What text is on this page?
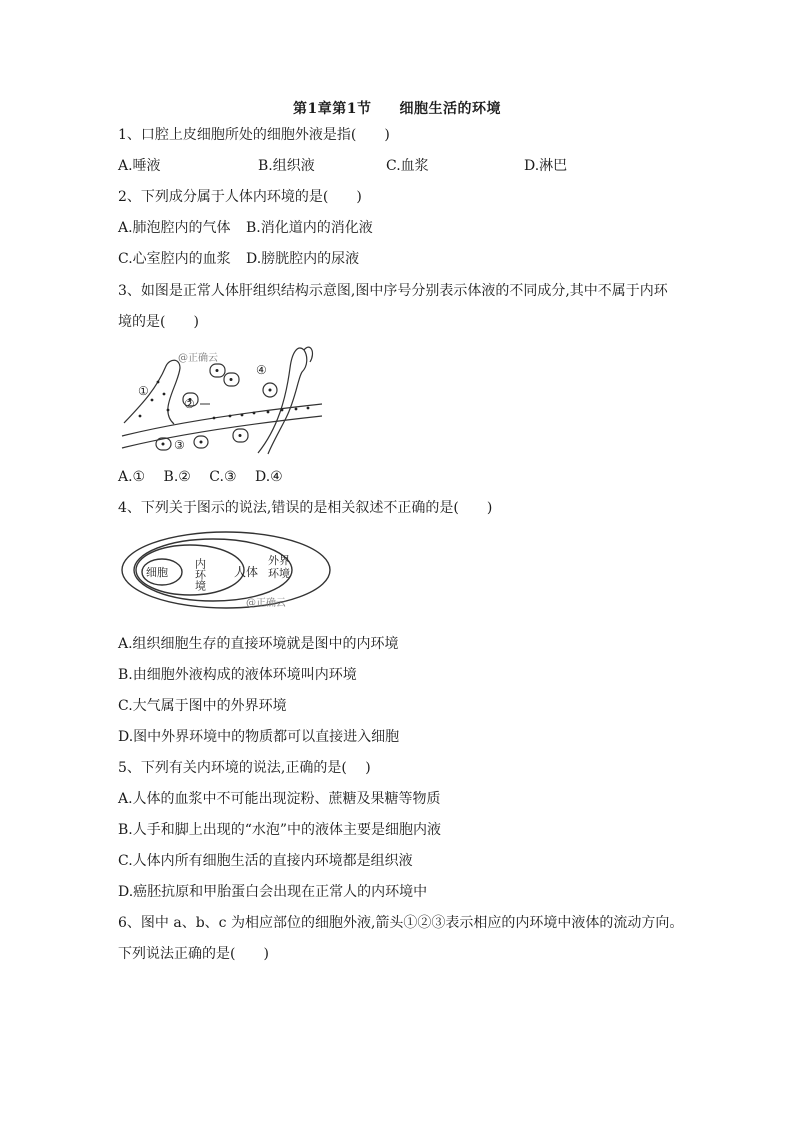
第1章第1节 细胞生活的环境
1、口腔上皮细胞所处的细胞外液是指(　　)
A.唾液	B.组织液	C.血浆	D.淋巴
2、下列成分属于人体内环境的是(　　)
A.肺泡腔内的气体 B.消化道内的消化液
C.心室腔内的血浆 D.膀胱腔内的尿液
3、如图是正常人体肝组织结构示意图,图中序号分别表示体液的不同成分,其中不属于内环
境的是(　　)
@正确云
①
②
③
④
A.①　 B.②　 C.③　 D.④
4、下列关于图示的说法,错误的是相关叙述不正确的是(　　)
细胞 内环境 人体
外界环境
@正确云
A.组织细胞生存的直接环境就是图中的内环境
B.由细胞外液构成的液体环境叫内环境
C.大气属于图中的外界环境
D.图中外界环境中的物质都可以直接进入细胞
5、下列有关内环境的说法,正确的是(　 )
A.人体的血浆中不可能出现淀粉、蔗糖及果糖等物质
B.人手和脚上出现的“水泡”中的液体主要是细胞内液
C.人体内所有细胞生活的直接内环境都是组织液
D.癌胚抗原和甲胎蛋白会出现在正常人的内环境中
6、图中 a、b、c 为相应部位的细胞外液,箭头①②③表示相应的内环境中液体的流动方向。
下列说法正确的是(　　)
